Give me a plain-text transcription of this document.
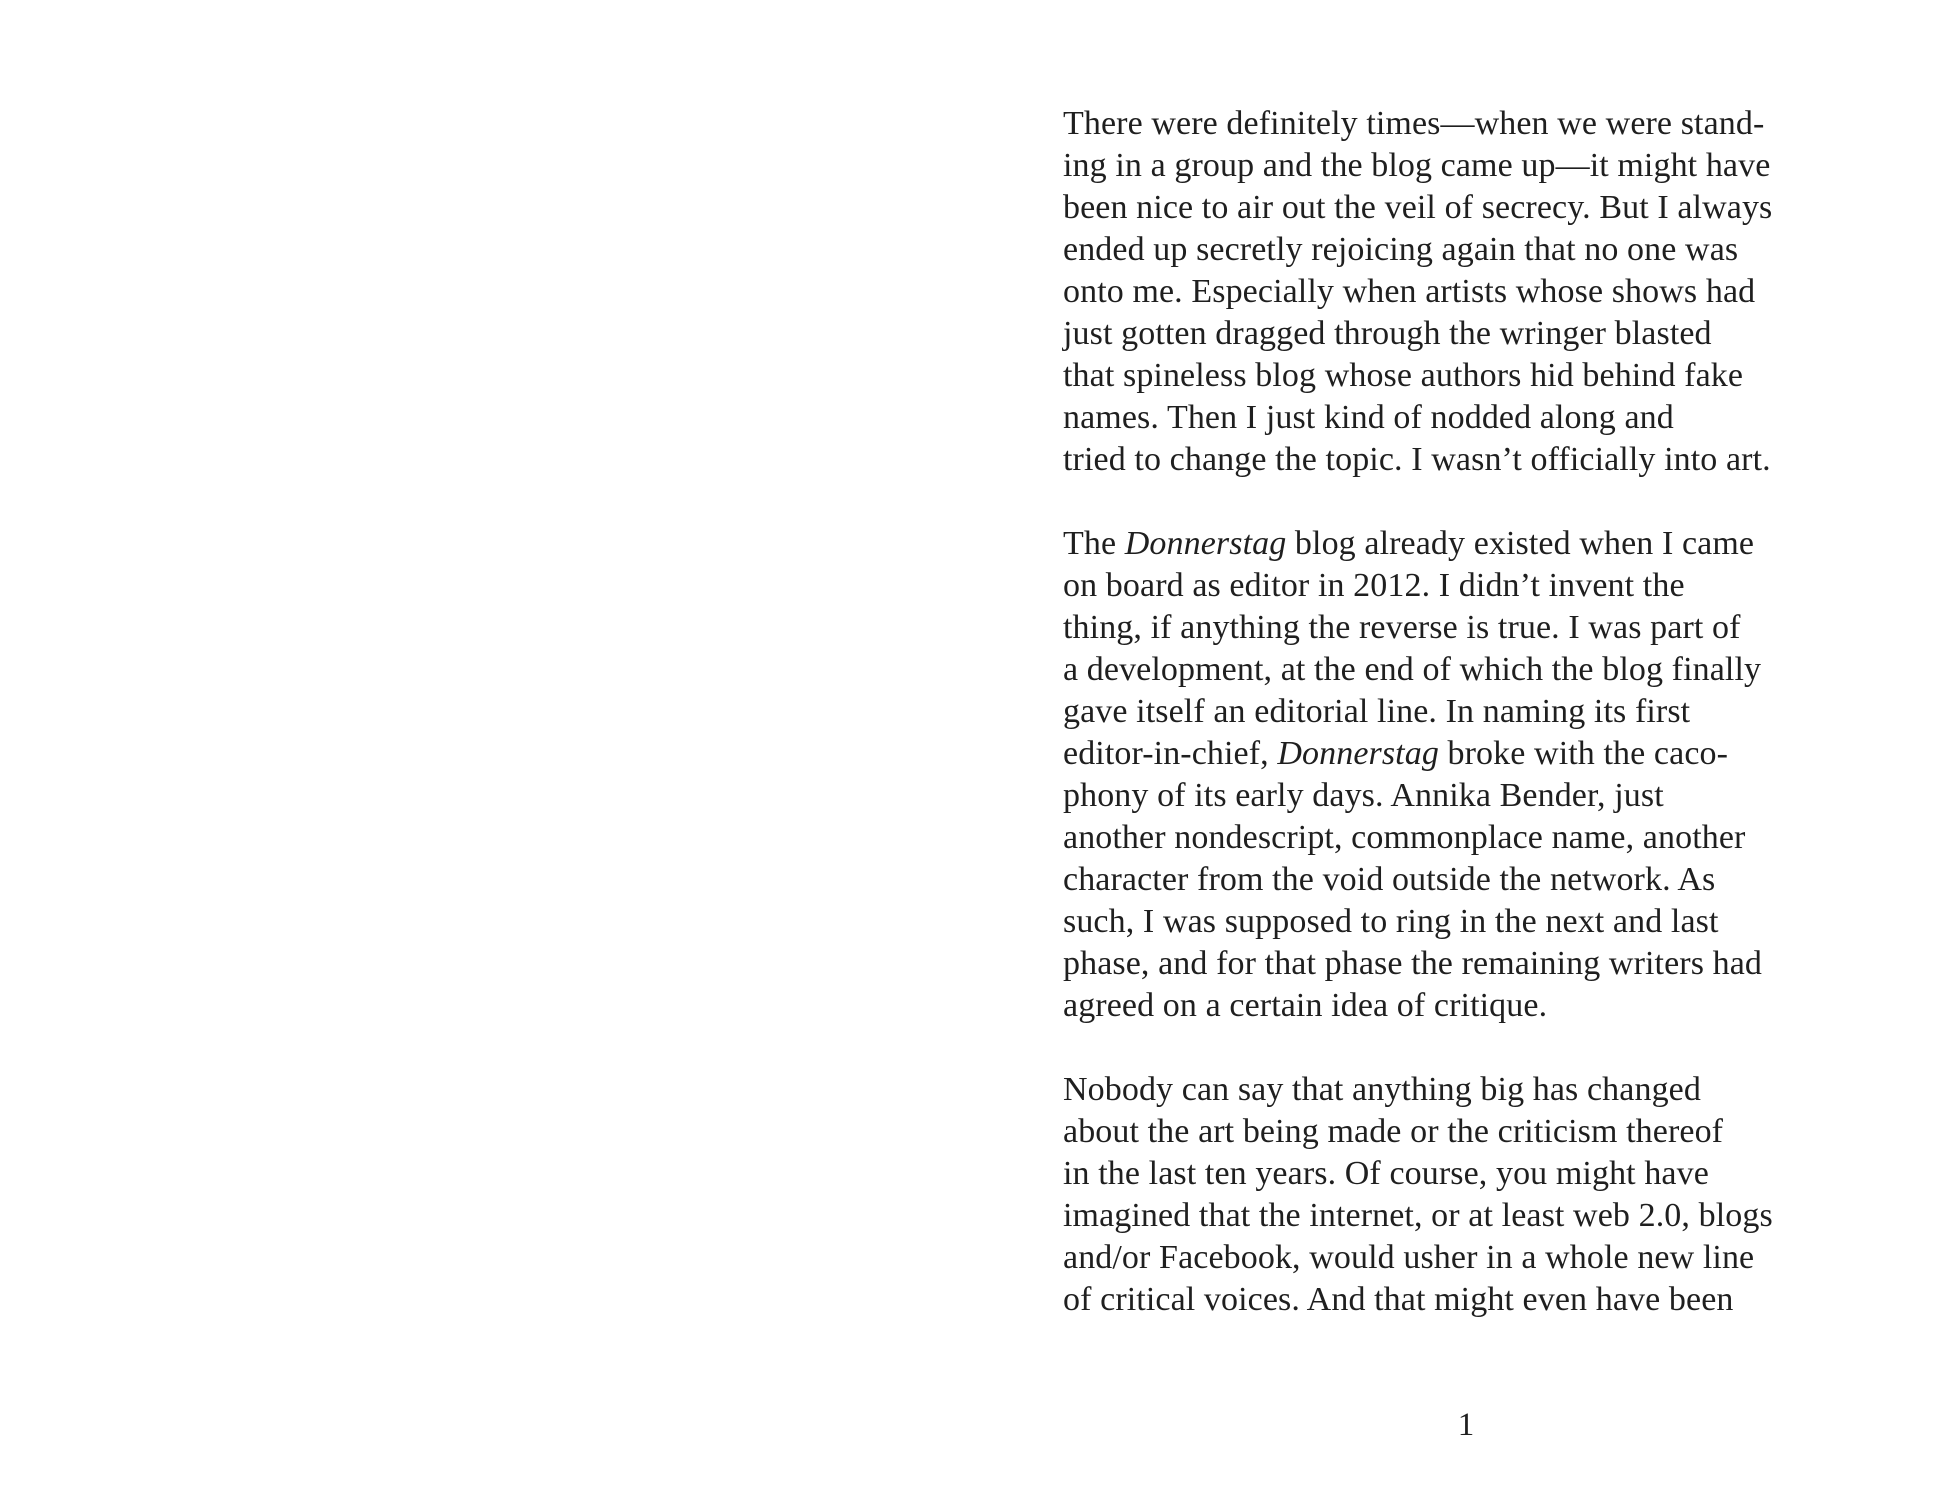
There were definitely times—when we were stand-
ing in a group and the blog came up—it might have
been nice to air out the veil of secrecy. But I always
ended up secretly rejoicing again that no one was
onto me. Especially when artists whose shows had
just gotten dragged through the wringer blasted
that spineless blog whose authors hid behind fake
names. Then I just kind of nodded along and
tried to change the topic. I wasn’t officially into art.
The Donnerstag blog already existed when I came
on board as editor in 2012. I didn’t invent the
thing, if anything the reverse is true. I was part of
a development, at the end of which the blog finally
gave itself an editorial line. In naming its first
editor-in-chief, Donnerstag broke with the caco-
phony of its early days. Annika Bender, just
another nondescript, commonplace name, another
character from the void outside the network. As
such, I was supposed to ring in the next and last
phase, and for that phase the remaining writers had
agreed on a certain idea of critique.
Nobody can say that anything big has changed
about the art being made or the criticism thereof
in the last ten years. Of course, you might have
imagined that the internet, or at least web 2.0, blogs
and/or Facebook, would usher in a whole new line
of critical voices. And that might even have been
1
